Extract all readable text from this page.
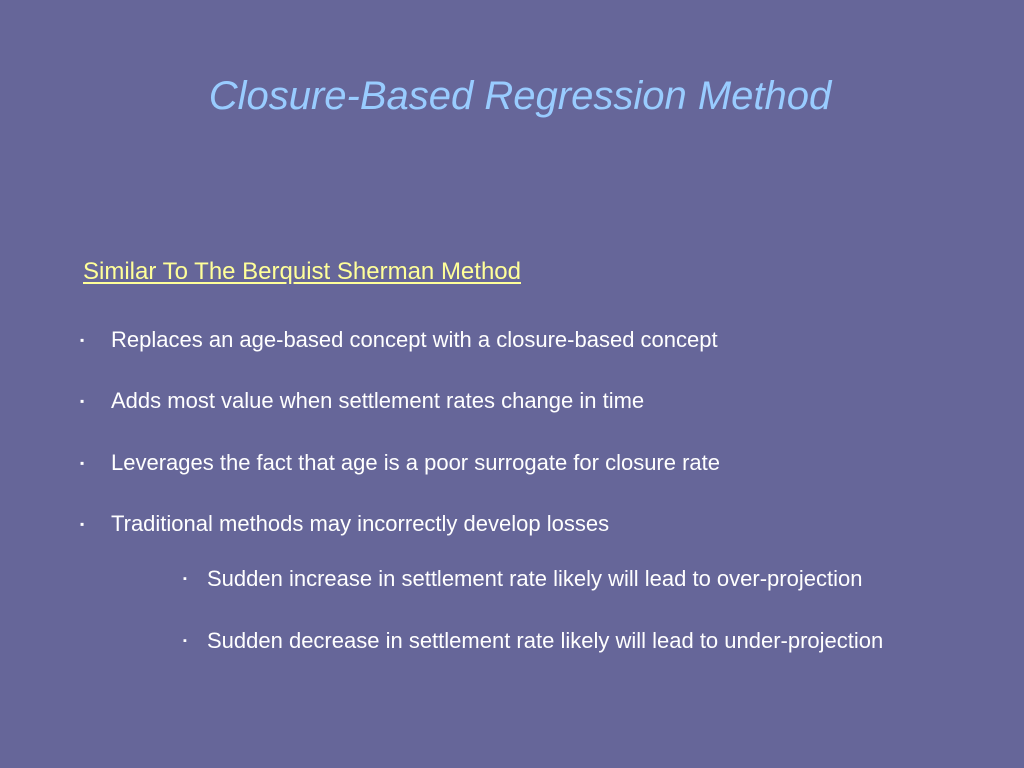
Closure-Based Regression Method
Similar To The Berquist Sherman Method
▪ Replaces an age-based concept with a closure-based concept
▪ Adds most value when settlement rates change in time
▪ Leverages the fact that age is a poor surrogate for closure rate
▪ Traditional methods may incorrectly develop losses
▪ Sudden increase in settlement rate likely will lead to over-projection
▪ Sudden decrease in settlement rate likely will lead to under-projection
